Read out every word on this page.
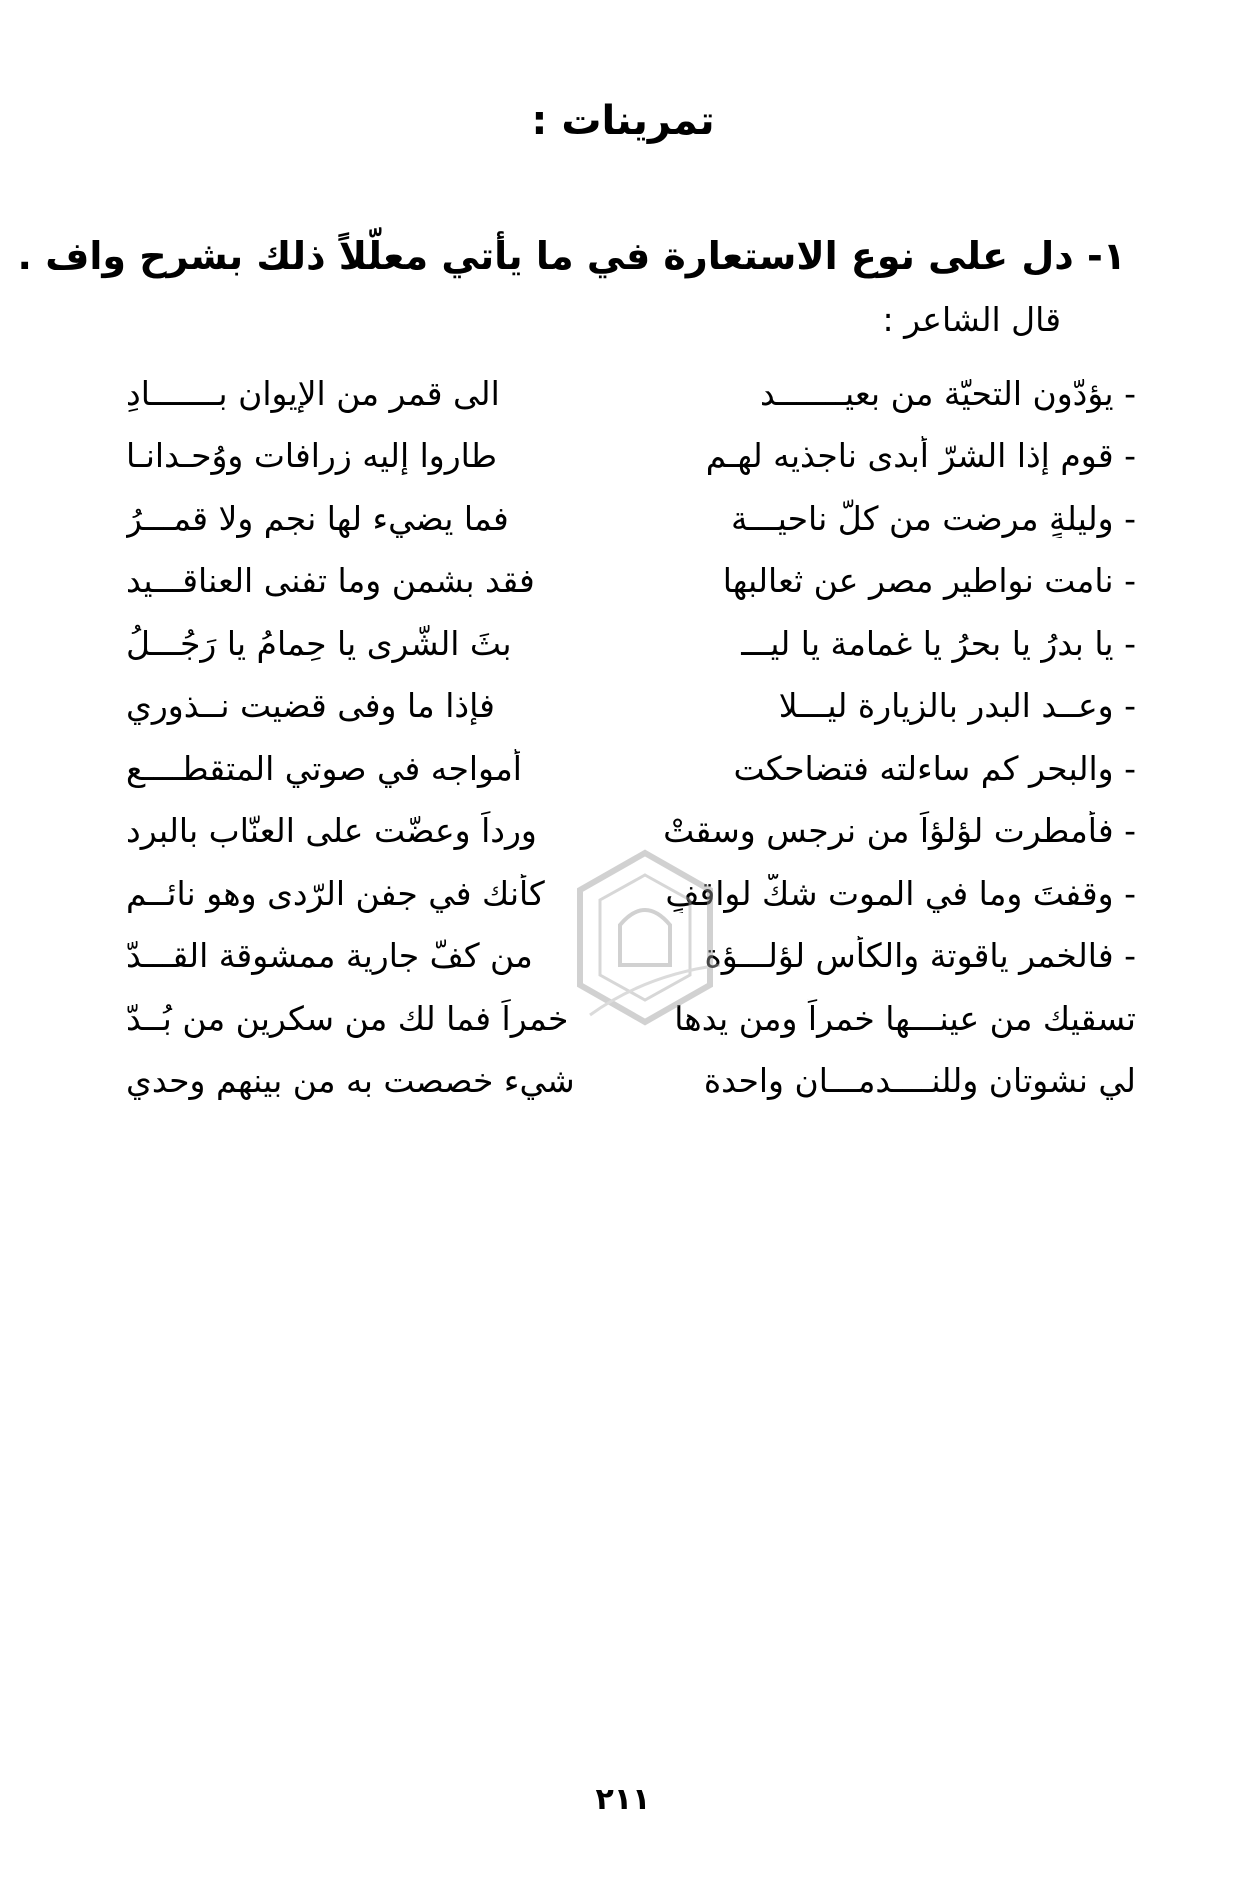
تمرينات :
١- دل على نوع الاستعارة في ما يأتي معلّلاً ذلك بشرح واف .
قال الشاعر :
- يؤدّون التحيّة من بعيـــــــد
الى قمرٍ من الإيوان بـــــــادِ
- قوم إذا الشرّ أبدى ناجذيه لهـم
طاروا إليه زرافات ووُحـدانـا
- وليلةٍ مرضت من كلّ ناحيـــة
فما يضيء لها نجم ولا قمـــرُ
- نامت نواطير مصر عن ثعالبها
فقد بشمن وما تفنى العناقـــيد
- يا بدرُ يا بحرُ يا غمامة يا ليـــ
بثَ الشّرى يا حِمامُ يا رَجُـــلُ
- وعــد البدر بالزيارة ليـــلا
فإذا ما وفى قضيت نــذوري
- والبحر كم ساءلته فتضاحكت
أمواجه في صوتي المتقطــــع
- فأمطرت لؤلؤاً من نرجس وسقتْ
ورداً وعضّت على العنّاب بالبرد
- وقفتَ وما في الموت شكٌّ لواقفٍ
كأنك في جفن الرّدى وهو نائــم
- فالخمر ياقوتة والكأس لؤلـــؤة
من كفّ جارية ممشوقة القـــدّ
تسقيك من عينـــها خمراً ومن يدها
خمراً فما لك من سكرين من بُــدّ
لي نشوتان وللنــــدمـــان واحدة
شيء خصصت به من بينهم وحدي
٢١١
